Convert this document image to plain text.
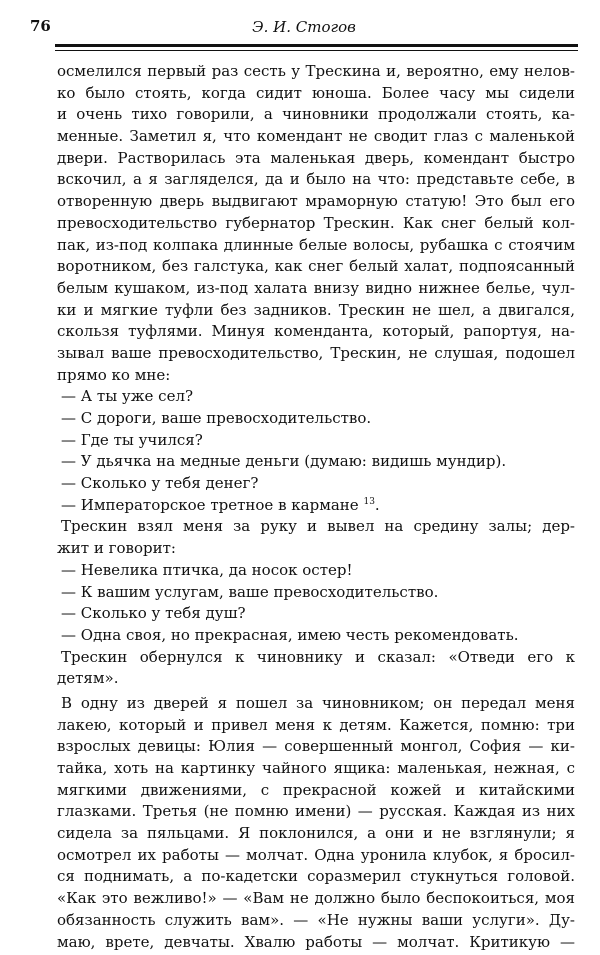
76	Э. И. Стогов
осмелился первый раз сесть у Трескина и, вероятно, ему нелов-
ко было стоять, когда сидит юноша. Более часу мы сидели
и очень тихо говорили, а чиновники продолжали стоять, ка-
менные. Заметил я, что комендант не сводит глаз с маленькой
двери. Растворилась эта маленькая дверь, комендант быстро
вскочил, а я загляделся, да и было на что: представьте себе, в
отворенную дверь выдвигают мраморную статую! Это был его
превосходительство губернатор Трескин. Как снег белый кол-
пак, из-под колпака длинные белые волосы, рубашка с стоячим
воротником, без галстука, как снег белый халат, подпоясанный
белым кушаком, из-под халата внизу видно нижнее белье, чул-
ки и мягкие туфли без задников. Трескин не шел, а двигался,
скользя туфлями. Минуя коменданта, который, рапортуя, на-
зывал ваше превосходительство, Трескин, не слушая, подошел
прямо ко мне:
— А ты уже сел?
— С дороги, ваше превосходительство.
— Где ты учился?
— У дьячка на медные деньги (думаю: видишь мундир).
— Сколько у тебя денег?
— Императорское третное в кармане $^{13}$.
Трескин взял меня за руку и вывел на средину залы; дер-
жит и говорит:
— Невелика птичка, да носок остер!
— К вашим услугам, ваше превосходительство.
— Сколько у тебя душ?
— Одна своя, но прекрасная, имею честь рекомендовать.
Трескин обернулся к чиновнику и сказал: «Отведи его к
детям».
В одну из дверей я пошел за чиновником; он передал меня
лакею, который и привел меня к детям. Кажется, помню: три
взрослых девицы: Юлия — совершенный монгол, София — ки-
тайка, хоть на картинку чайного ящика: маленькая, нежная, с
мягкими движениями, с прекрасной кожей и китайскими
глазками. Третья (не помню имени) — русская. Каждая из них
сидела за пяльцами. Я поклонился, а они и не взглянули; я
осмотрел их работы — молчат. Одна уронила клубок, я бросил-
ся поднимать, а по-кадетски соразмерил стукнуться головой.
«Как это вежливо!» — «Вам не должно было беспокоиться, моя
обязанность служить вам». — «Не нужны ваши услуги». Ду-
маю, врете, девчаты. Хвалю работы — молчат. Критикую —
